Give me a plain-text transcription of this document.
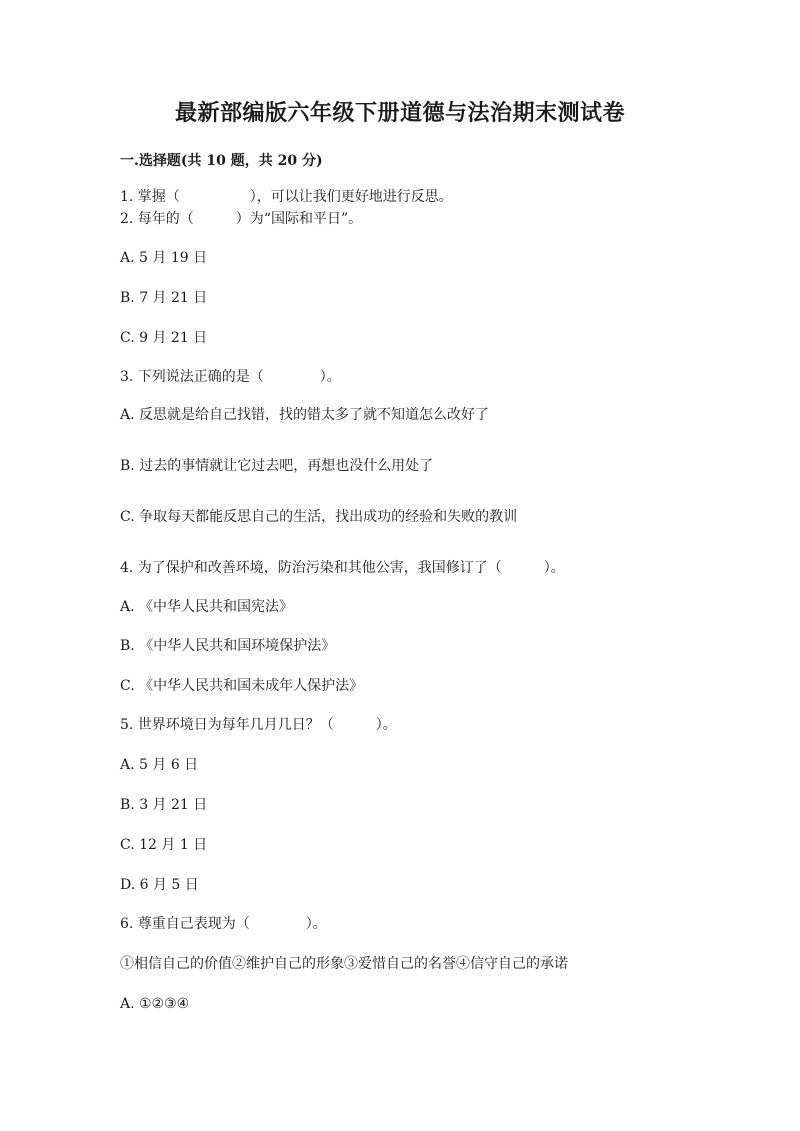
最新部编版六年级下册道德与法治期末测试卷
一.选择题(共 10 题，共 20 分)
1. 掌握（　　　　　），可以让我们更好地进行反思。
2. 每年的（　　　）为“国际和平日”。
A. 5 月 19 日
B. 7 月 21 日
C. 9 月 21 日
3. 下列说法正确的是（　　　　）。
A. 反思就是给自己找错，找的错太多了就不知道怎么改好了
B. 过去的事情就让它过去吧，再想也没什么用处了
C. 争取每天都能反思自己的生活，找出成功的经验和失败的教训
4. 为了保护和改善环境，防治污染和其他公害，我国修订了（　　　）。
A. 《中华人民共和国宪法》
B. 《中华人民共和国环境保护法》
C. 《中华人民共和国未成年人保护法》
5. 世界环境日为每年几月几日？（　　　）。
A. 5 月 6 日
B. 3 月 21 日
C. 12 月 1 日
D. 6 月 5 日
6. 尊重自己表现为（　　　　）。
①相信自己的价值②维护自己的形象③爱惜自己的名誉④信守自己的承诺
A. ①②③④
